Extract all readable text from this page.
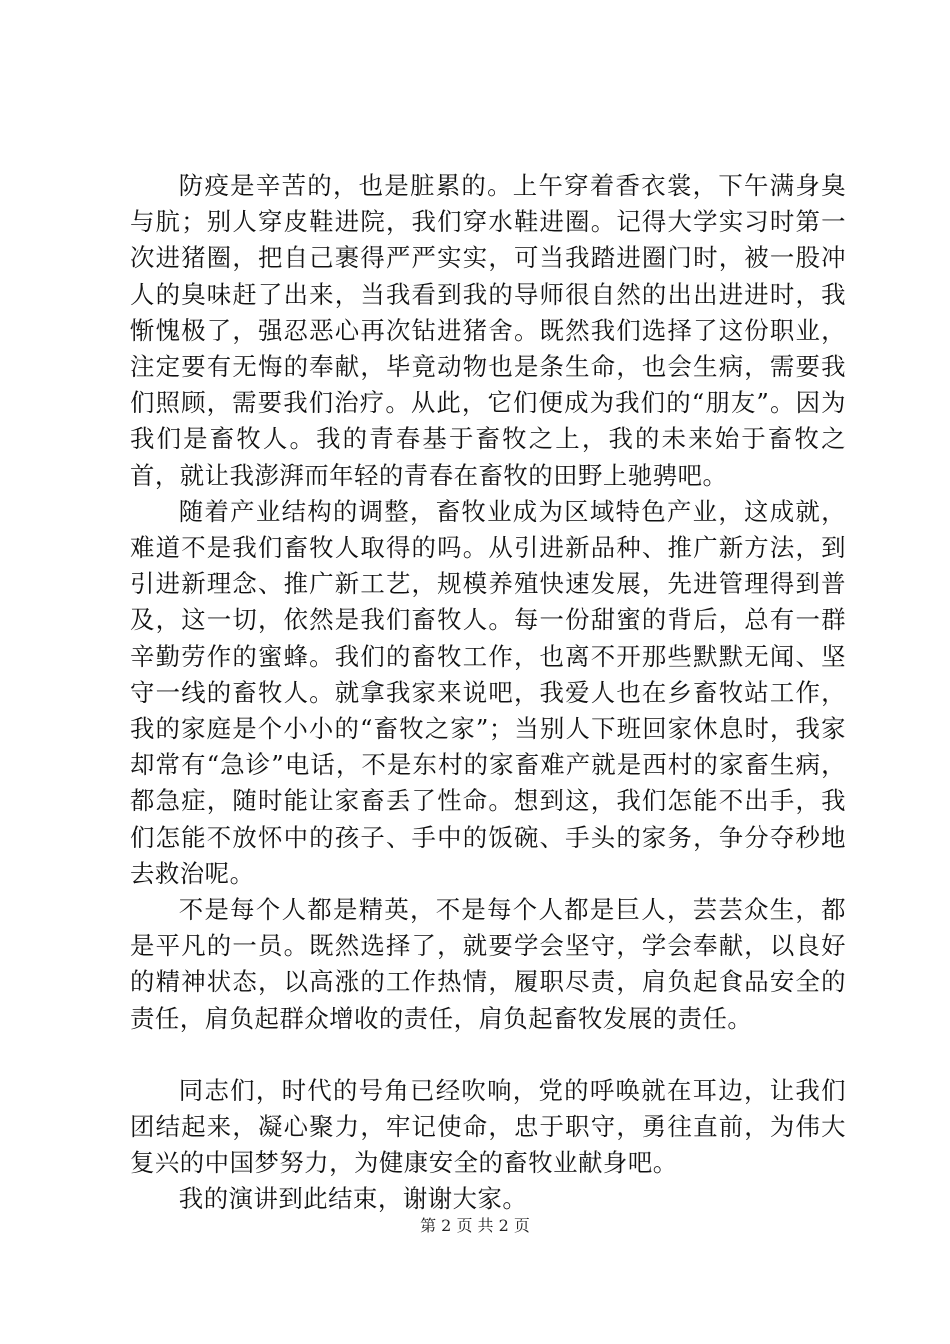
防疫是辛苦的，也是脏累的。上午穿着香衣裳，下午满身臭与肮；别人穿皮鞋进院，我们穿水鞋进圈。记得大学实习时第一次进猪圈，把自己裹得严严实实，可当我踏进圈门时，被一股冲人的臭味赶了出来，当我看到我的导师很自然的出出进进时，我惭愧极了，强忍恶心再次钻进猪舍。既然我们选择了这份职业，注定要有无悔的奉献，毕竟动物也是条生命，也会生病，需要我们照顾，需要我们治疗。从此，它们便成为我们的“朋友”。因为我们是畜牧人。我的青春基于畜牧之上，我的未来始于畜牧之首，就让我澎湃而年轻的青春在畜牧的田野上驰骋吧。

随着产业结构的调整，畜牧业成为区域特色产业，这成就，难道不是我们畜牧人取得的吗。从引进新品种、推广新方法，到引进新理念、推广新工艺，规模养殖快速发展，先进管理得到普及，这一切，依然是我们畜牧人。每一份甜蜜的背后，总有一群辛勤劳作的蜜蜂。我们的畜牧工作，也离不开那些默默无闻、坚守一线的畜牧人。就拿我家来说吧，我爱人也在乡畜牧站工作，我的家庭是个小小的“畜牧之家”；当别人下班回家休息时，我家却常有“急诊”电话，不是东村的家畜难产就是西村的家畜生病，都急症，随时能让家畜丢了性命。想到这，我们怎能不出手，我们怎能不放怀中的孩子、手中的饭碗、手头的家务，争分夺秒地去救治呢。

不是每个人都是精英，不是每个人都是巨人，芸芸众生，都是平凡的一员。既然选择了，就要学会坚守，学会奉献，以良好的精神状态，以高涨的工作热情，履职尽责，肩负起食品安全的责任，肩负起群众增收的责任，肩负起畜牧发展的责任。

同志们，时代的号角已经吹响，党的呼唤就在耳边，让我们团结起来，凝心聚力，牢记使命，忠于职守，勇往直前，为伟大复兴的中国梦努力，为健康安全的畜牧业献身吧。

我的演讲到此结束，谢谢大家。

第 2 页 共 2 页
